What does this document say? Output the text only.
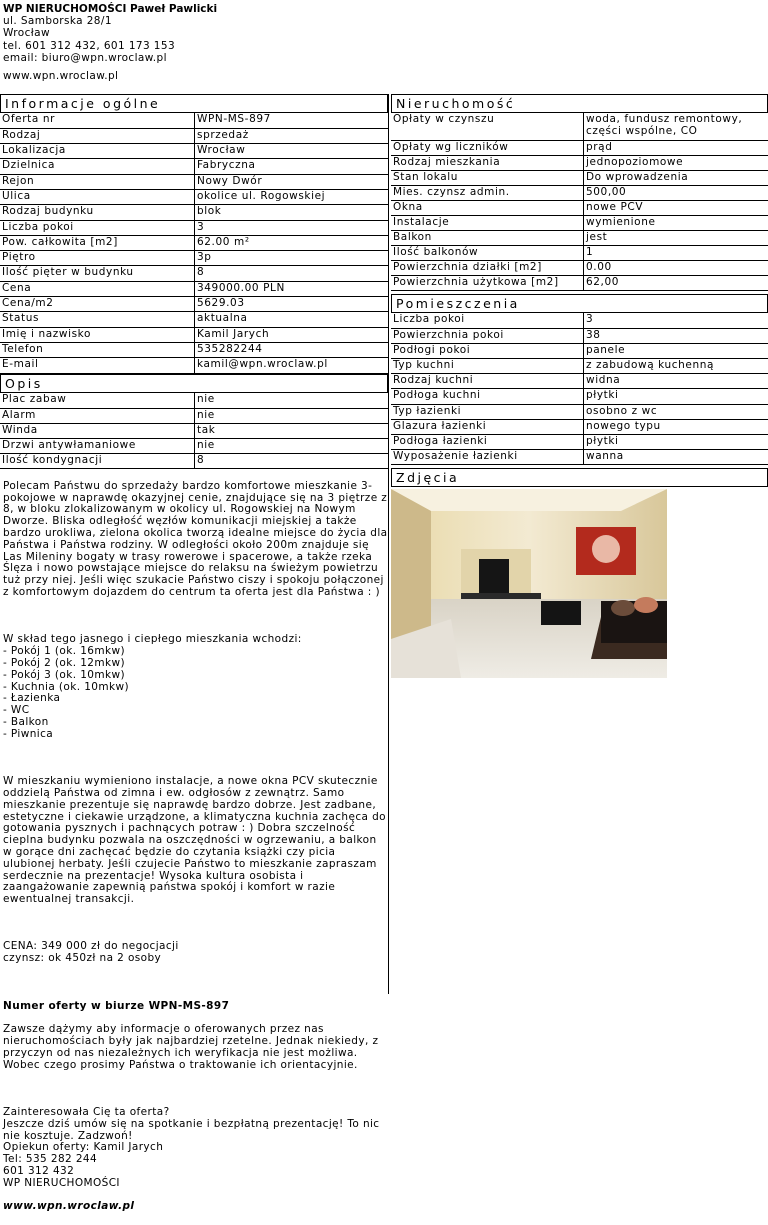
WP NIERUCHOMOŚCI Paweł Pawlicki
ul. Samborska 28/1
Wrocław
tel. 601 312 432, 601 173 153
email: biuro@wpn.wroclaw.pl
www.wpn.wroclaw.pl
Informacje ogólne
Oferta nr	WPN-MS-897
Rodzaj	sprzedaż
Lokalizacja	Wrocław
Dzielnica	Fabryczna
Rejon	Nowy Dwór
Ulica	okolice ul. Rogowskiej
Rodzaj budynku	blok
Liczba pokoi	3
Pow. całkowita [m2]	62.00 m²
Piętro	3p
Ilość pięter w budynku	8
Cena	349000.00 PLN
Cena/m2	5629.03
Status	aktualna
Imię i nazwisko	Kamil Jarych
Telefon	535282244
E-mail	kamil@wpn.wroclaw.pl
Opis
Plac zabaw	nie
Alarm	nie
Winda	tak
Drzwi antywłamaniowe	nie
Ilość kondygnacji	8

Polecam Państwu do sprzedaży bardzo komfortowe mieszkanie 3-pokojowe w naprawdę okazyjnej cenie, znajdujące się na 3 piętrze z 8, w bloku zlokalizowanym w okolicy ul. Rogowskiej na Nowym Dworze. Bliska odległość węzłów komunikacji miejskiej a także bardzo urokliwa, zielona okolica tworzą idealne miejsce do życia dla Państwa i Państwa rodziny. W odległości około 200m znajduje się Las Mileniny bogaty w trasy rowerowe i spacerowe, a także rzeka Ślęza i nowo powstające miejsce do relaksu na świeżym powietrzu tuż przy niej. Jeśli więc szukacie Państwo ciszy i spokoju połączonej z komfortowym dojazdem do centrum ta oferta jest dla Państwa : )

W skład tego jasnego i ciepłego mieszkania wchodzi:
- Pokój 1 (ok. 16mkw)
- Pokój 2 (ok. 12mkw)
- Pokój 3 (ok. 10mkw)
- Kuchnia (ok. 10mkw)
- Łazienka
- WC
- Balkon
- Piwnica

W mieszkaniu wymieniono instalacje, a nowe okna PCV skutecznie oddzielą Państwa od zimna i ew. odgłosów z zewnątrz. Samo mieszkanie prezentuje się naprawdę bardzo dobrze. Jest zadbane, estetyczne i ciekawie urządzone, a klimatyczna kuchnia zachęca do gotowania pysznych i pachnących potraw : ) Dobra szczelność cieplna budynku pozwala na oszczędności w ogrzewaniu, a balkon w gorące dni zachęcać będzie do czytania książki czy picia ulubionej herbaty. Jeśli czujecie Państwo to mieszkanie zapraszam serdecznie na prezentacje! Wysoka kultura osobista i zaangażowanie zapewnią państwa spokój i komfort w razie ewentualnej transakcji.

CENA: 349 000 zł do negocjacji
czynsz: ok 450zł na 2 osoby

Numer oferty w biurze WPN-MS-897

Zawsze dążymy aby informacje o oferowanych przez nas nieruchomościach były jak najbardziej rzetelne. Jednak niekiedy, z przyczyn od nas niezależnych ich weryfikacja nie jest możliwa. Wobec czego prosimy Państwa o traktowanie ich orientacyjnie.

Zainteresowała Cię ta oferta?
Jeszcze dziś umów się na spotkanie i bezpłatną prezentację! To nic nie kosztuje. Zadzwoń!
Opiekun oferty: Kamil Jarych
Tel: 535 282 244
601 312 432
WP NIERUCHOMOŚCI

www.wpn.wroclaw.pl

Nieruchomość
Opłaty w czynszu	woda, fundusz remontowy, części wspólne, CO
Opłaty wg liczników	prąd
Rodzaj mieszkania	jednopoziomowe
Stan lokalu	Do wprowadzenia
Mies. czynsz admin.	500,00
Okna	nowe PCV
Instalacje	wymienione
Balkon	jest
Ilość balkonów	1
Powierzchnia działki [m2]	0.00
Powierzchnia użytkowa [m2]	62,00
Pomieszczenia
Liczba pokoi	3
Powierzchnia pokoi	38
Podłogi pokoi	panele
Typ kuchni	z zabudową kuchenną
Rodzaj kuchni	widna
Podłoga kuchni	płytki
Typ łazienki	osobno z wc
Glazura łazienki	nowego typu
Podłoga łazienki	płytki
Wyposażenie łazienki	wanna
Zdjęcia
